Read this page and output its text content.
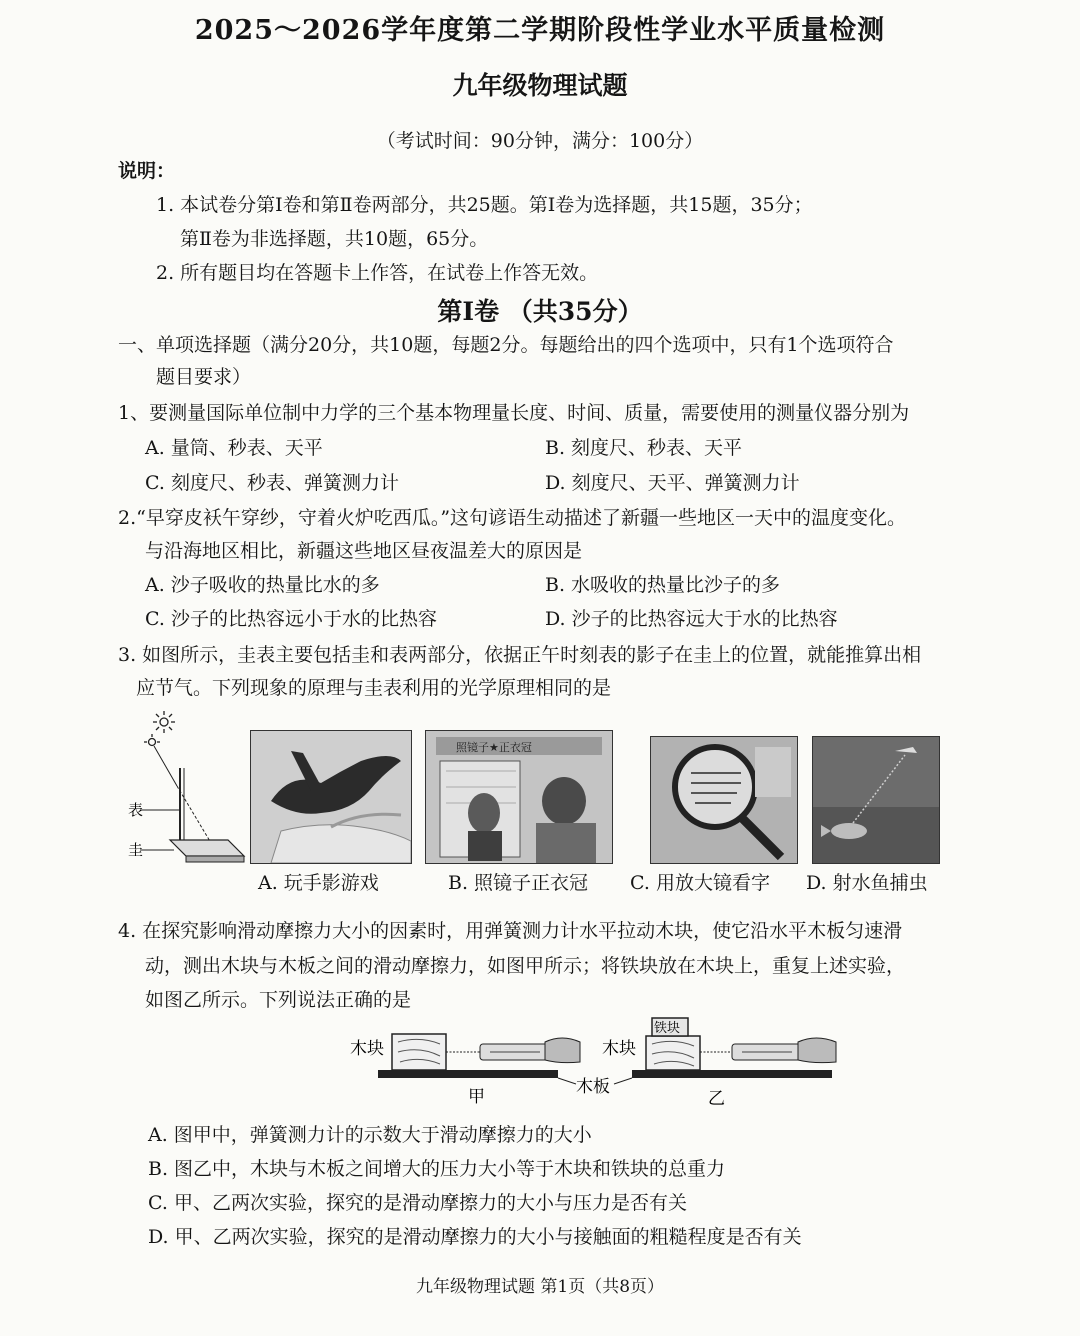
2025～2026学年度第二学期阶段性学业水平质量检测
九年级物理试题
（考试时间：90分钟，满分：100分）
说明：
1. 本试卷分第Ⅰ卷和第Ⅱ卷两部分，共25题。第Ⅰ卷为选择题，共15题，35分；
第Ⅱ卷为非选择题，共10题，65分。
2. 所有题目均在答题卡上作答，在试卷上作答无效。
第Ⅰ卷 （共35分）
一、单项选择题（满分20分，共10题，每题2分。每题给出的四个选项中，只有1个选项符合
题目要求）
1、要测量国际单位制中力学的三个基本物理量长度、时间、质量，需要使用的测量仪器分别为
A. 量筒、秒表、天平	B. 刻度尺、秒表、天平
C. 刻度尺、秒表、弹簧测力计	D. 刻度尺、天平、弹簧测力计
2.“早穿皮袄午穿纱，守着火炉吃西瓜。”这句谚语生动描述了新疆一些地区一天中的温度变化。
与沿海地区相比，新疆这些地区昼夜温差大的原因是
A. 沙子吸收的热量比水的多	B. 水吸收的热量比沙子的多
C. 沙子的比热容远小于水的比热容	D. 沙子的比热容远大于水的比热容
3. 如图所示，圭表主要包括圭和表两部分，依据正午时刻表的影子在圭上的位置，就能推算出相
应节气。下列现象的原理与圭表利用的光学原理相同的是
表
圭
照镜子★正衣冠
A. 玩手影游戏	B. 照镜子正衣冠 C. 用放大镜看字 D. 射水鱼捕虫
4. 在探究影响滑动摩擦力大小的因素时，用弹簧测力计水平拉动木块，使它沿水平木板匀速滑
动，测出木块与木板之间的滑动摩擦力，如图甲所示；将铁块放在木块上，重复上述实验，
如图乙所示。下列说法正确的是
木块
甲
铁块
木块
乙
木板
A. 图甲中，弹簧测力计的示数大于滑动摩擦力的大小
B. 图乙中，木块与木板之间增大的压力大小等于木块和铁块的总重力
C. 甲、乙两次实验，探究的是滑动摩擦力的大小与压力是否有关
D. 甲、乙两次实验，探究的是滑动摩擦力的大小与接触面的粗糙程度是否有关
九年级物理试题 第1页（共8页）
